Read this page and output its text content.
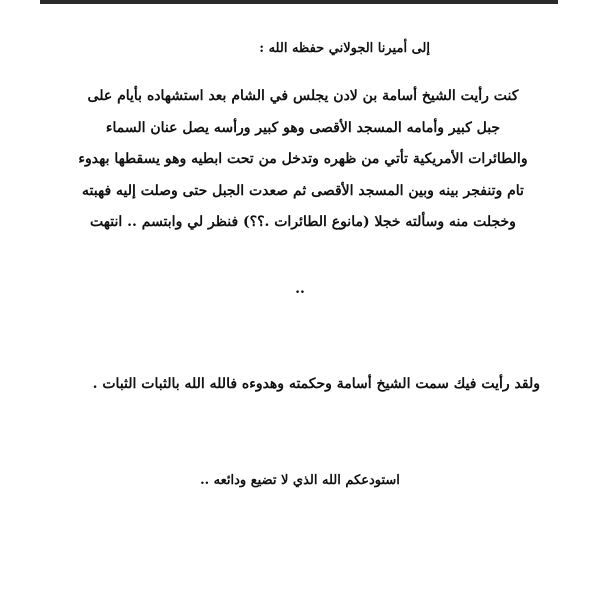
إلى أميرنا الجولاني حفظه الله :
كنت رأيت الشيخ أسامة بن لادن يجلس في الشام بعد استشهاده بأيام على
جبل كبير وأمامه المسجد الأقصى وهو كبير ورأسه يصل عنان السماء
والطائرات الأمريكية تأتي من ظهره وتدخل من تحت ابطيه وهو يسقطها بهدوء
تام وتنفجر بينه وبين المسجد الأقصى ثم صعدت الجبل حتى وصلت إليه فهبته
وخجلت منه وسألته خجلا (مانوع الطائرات .؟؟) فنظر لي وابتسم .. انتهت
..
ولقد رأيت فيك سمت الشيخ أسامة وحكمته وهدوءه فالله الله بالثبات الثبات .
استودعكم الله الذي لا تضيع ودائعه ..
